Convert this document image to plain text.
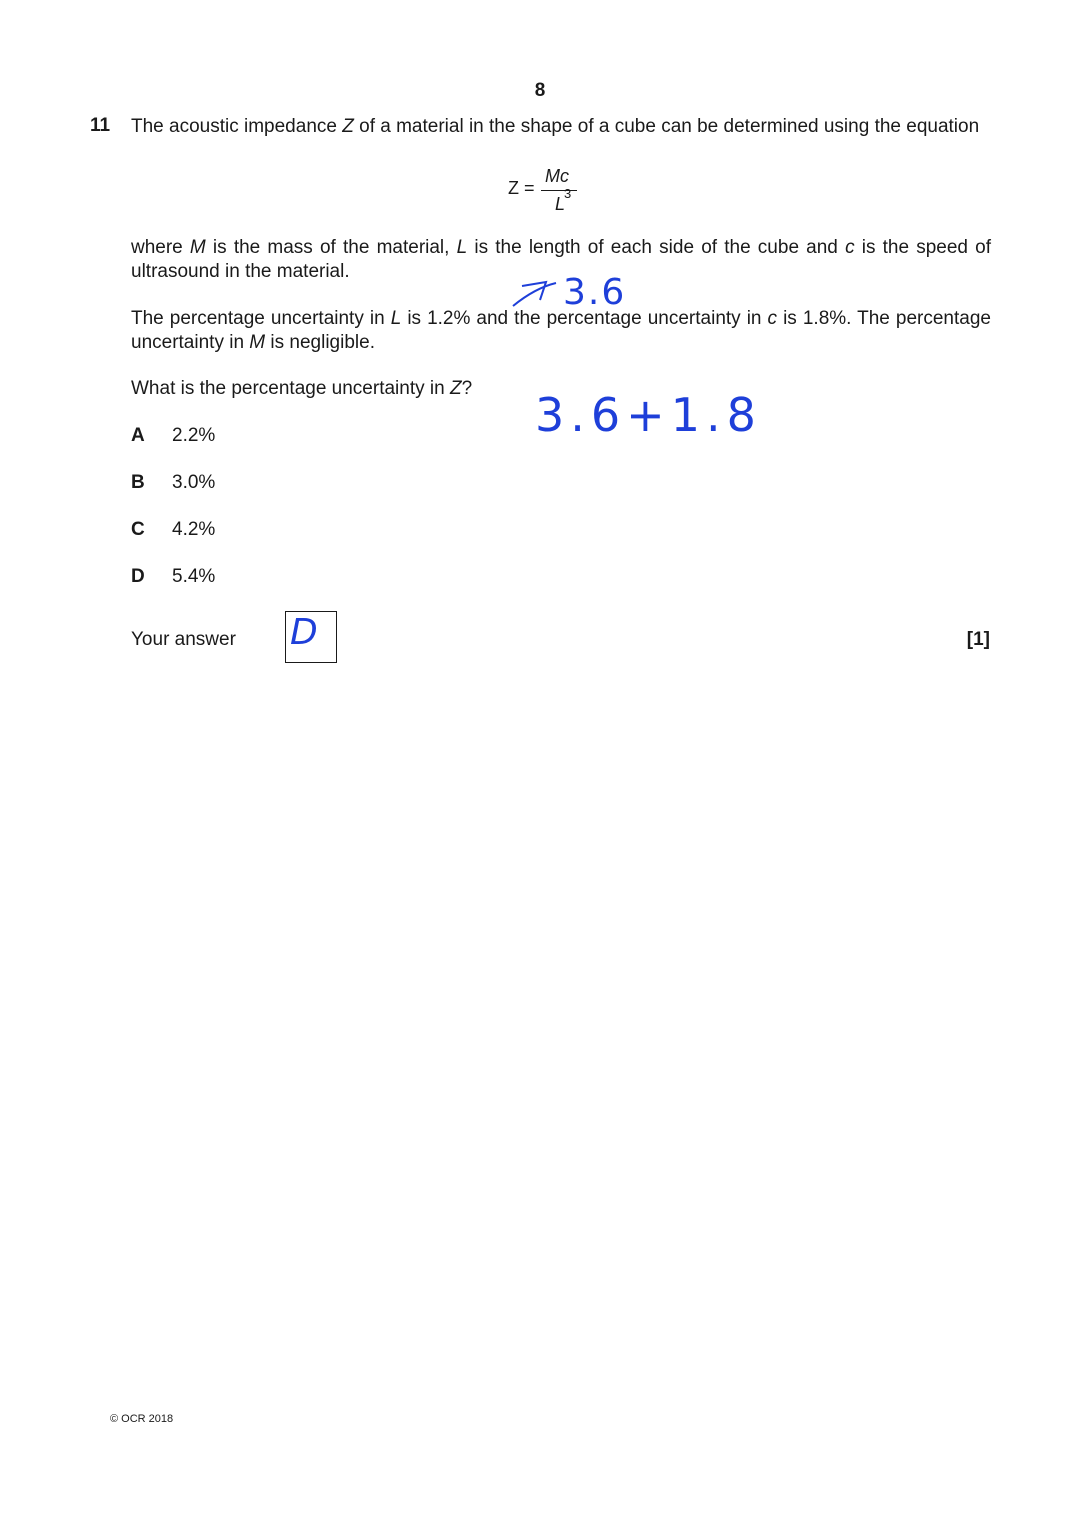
8
11 The acoustic impedance Z of a material in the shape of a cube can be determined using the equation
Z =
Mc
L
3
where M is the mass of the material, L is the length of each side of the cube and c is the speed of ultrasound in the material.
The percentage uncertainty in L is 1.2% and the percentage uncertainty in c is 1.8%. The percentage uncertainty in M is negligible.
What is the percentage uncertainty in Z?
A 2.2%
B 3.0%
C 4.2%
D 5.4%
Your answer D	[1]
3.6
3.6+1.8
© OCR 2018
